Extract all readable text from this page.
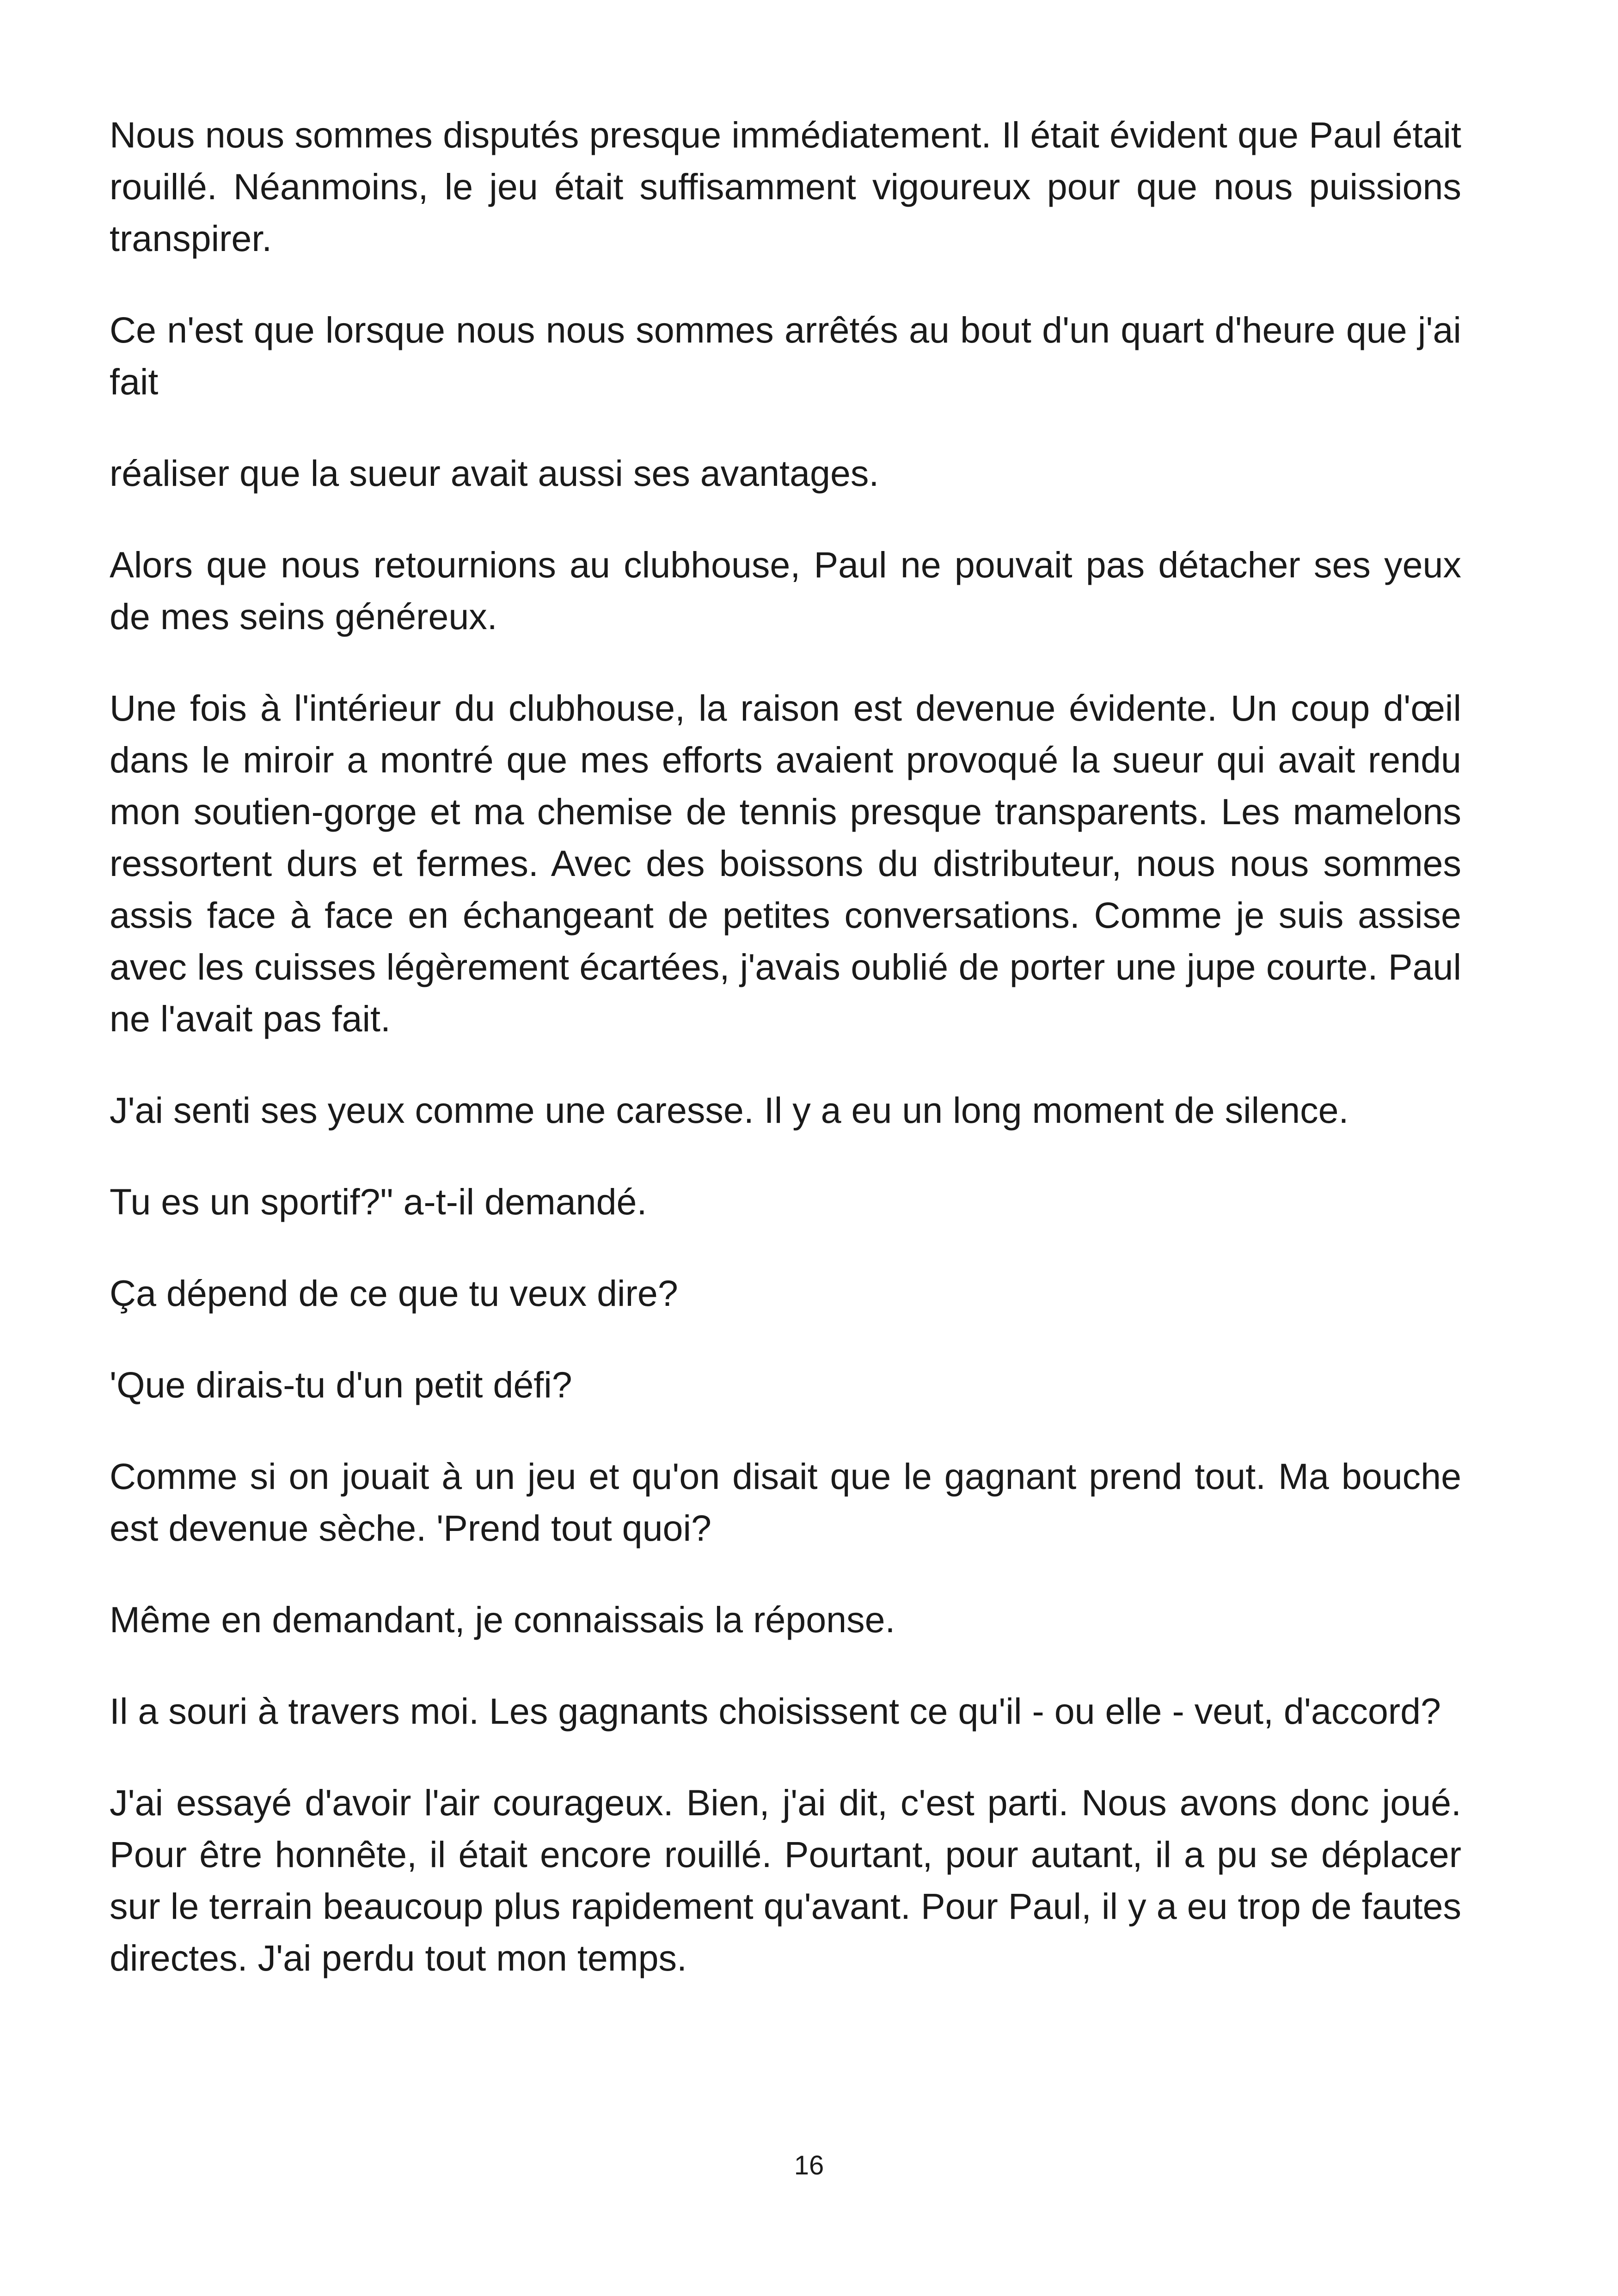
Nous nous sommes disputés presque immédiatement. Il était évident que Paul était rouillé. Néanmoins, le jeu était suffisamment vigoureux pour que nous puissions transpirer.

Ce n'est que lorsque nous nous sommes arrêtés au bout d'un quart d'heure que j'ai fait

réaliser que la sueur avait aussi ses avantages.

Alors que nous retournions au clubhouse, Paul ne pouvait pas détacher ses yeux de mes seins généreux.

Une fois à l'intérieur du clubhouse, la raison est devenue évidente. Un coup d'œil dans le miroir a montré que mes efforts avaient provoqué la sueur qui avait rendu mon soutien-gorge et ma chemise de tennis presque transparents. Les mamelons ressortent durs et fermes. Avec des boissons du distributeur, nous nous sommes assis face à face en échangeant de petites conversations. Comme je suis assise avec les cuisses légèrement écartées, j'avais oublié de porter une jupe courte. Paul ne l'avait pas fait.

J'ai senti ses yeux comme une caresse. Il y a eu un long moment de silence.

Tu es un sportif?" a-t-il demandé.

Ça dépend de ce que tu veux dire?

'Que dirais-tu d'un petit défi?

Comme si on jouait à un jeu et qu'on disait que le gagnant prend tout. Ma bouche est devenue sèche. 'Prend tout quoi?

Même en demandant, je connaissais la réponse.

Il a souri à travers moi. Les gagnants choisissent ce qu'il - ou elle - veut, d'accord?

J'ai essayé d'avoir l'air courageux. Bien, j'ai dit, c'est parti. Nous avons donc joué. Pour être honnête, il était encore rouillé. Pourtant, pour autant, il a pu se déplacer sur le terrain beaucoup plus rapidement qu'avant. Pour Paul, il y a eu trop de fautes directes. J'ai perdu tout mon temps.

16
